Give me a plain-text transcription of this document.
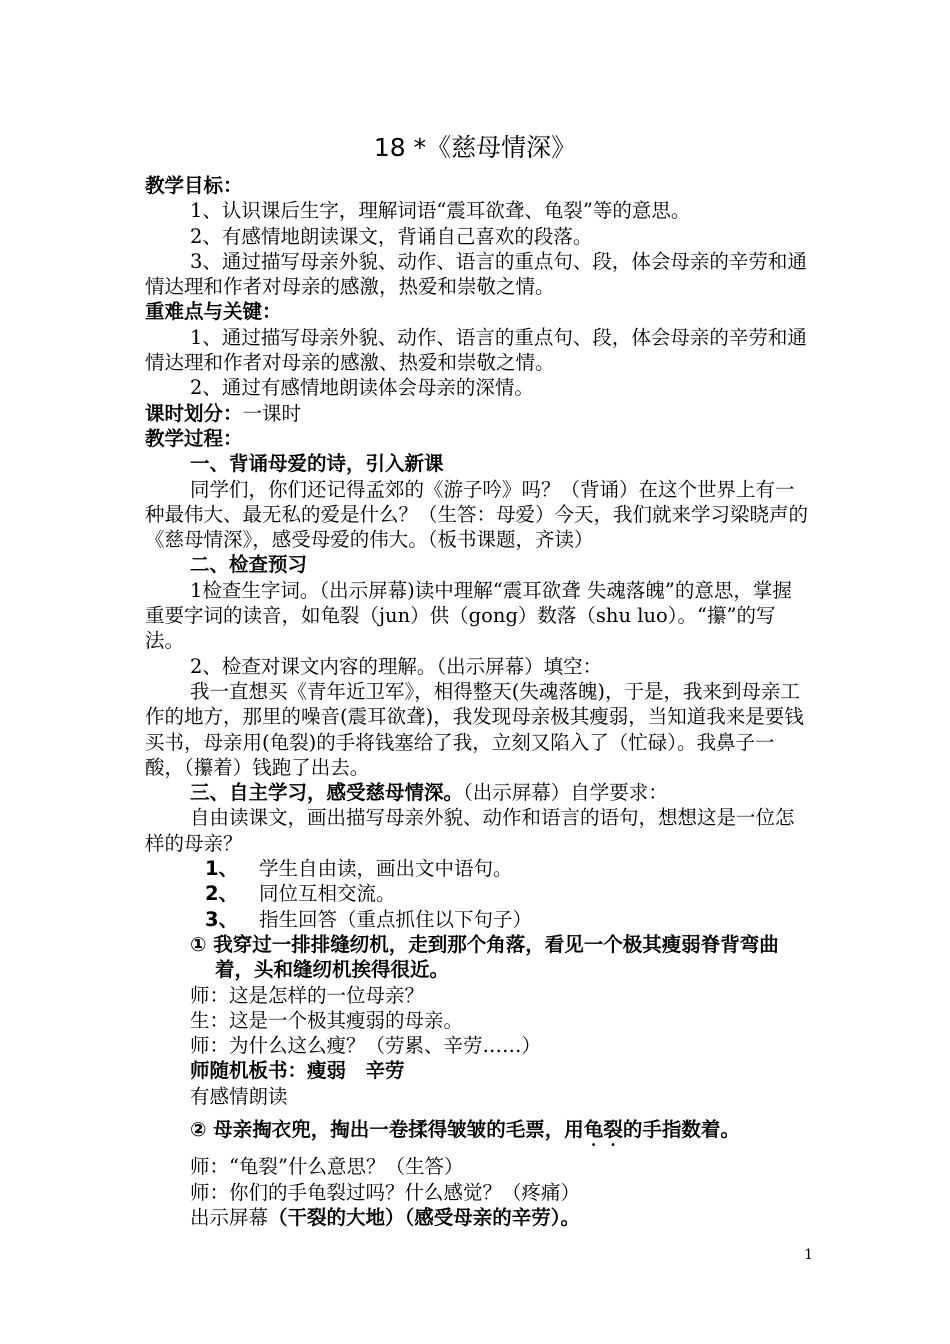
18 *《慈母情深》

教学目标：

1、认识课后生字，理解词语“震耳欲聋、龟裂”等的意思。

2、有感情地朗读课文，背诵自己喜欢的段落。

3、通过描写母亲外貌、动作、语言的重点句、段，体会母亲的辛劳和通情达理和作者对母亲的感激，热爱和崇敬之情。

重难点与关键：

1、通过描写母亲外貌、动作、语言的重点句、段，体会母亲的辛劳和通情达理和作者对母亲的感激、热爱和崇敬之情。

2、通过有感情地朗读体会母亲的深情。

课时划分：一课时

教学过程：

一、背诵母爱的诗，引入新课

同学们，你们还记得孟郊的《游子吟》吗？（背诵）在这个世界上有一种最伟大、最无私的爱是什么？（生答：母爱）今天，我们就来学习梁晓声的《慈母情深》，感受母爱的伟大。（板书课题，齐读）

二、检查预习

1检查生字词。（出示屏幕)读中理解“震耳欲聋 失魂落魄”的意思，掌握重要字词的读音，如龟裂（jun）供（gong）数落（shu luo）。“攥”的写法。

2、检查对课文内容的理解。（出示屏幕）填空：

我一直想买《青年近卫军》，相得整天(失魂落魄)，于是，我来到母亲工作的地方，那里的噪音(震耳欲聋)，我发现母亲极其瘦弱，当知道我来是要钱买书，母亲用(龟裂)的手将钱塞给了我，立刻又陷入了（忙碌）。我鼻子一酸，（攥着）钱跑了出去。

三、自主学习，感受慈母情深。（出示屏幕）自学要求：

自由读课文，画出描写母亲外貌、动作和语言的语句，想想这是一位怎样的母亲？

1、 学生自由读，画出文中语句。

2、 同位互相交流。

3、 指生回答（重点抓住以下句子）

① 我穿过一排排缝纫机，走到那个角落，看见一个极其瘦弱脊背弯曲着，头和缝纫机挨得很近。

师：这是怎样的一位母亲？

生：这是一个极其瘦弱的母亲。

师：为什么这么瘦？（劳累、辛劳……）

师随机板书：瘦弱　辛劳

有感情朗读

② 母亲掏衣兜，掏出一卷揉得皱皱的毛票，用龟裂的手指数着。

师：“龟裂”什么意思？（生答）

师：你们的手龟裂过吗？什么感觉？（疼痛）

出示屏幕（干裂的大地）（感受母亲的辛劳）。

1
